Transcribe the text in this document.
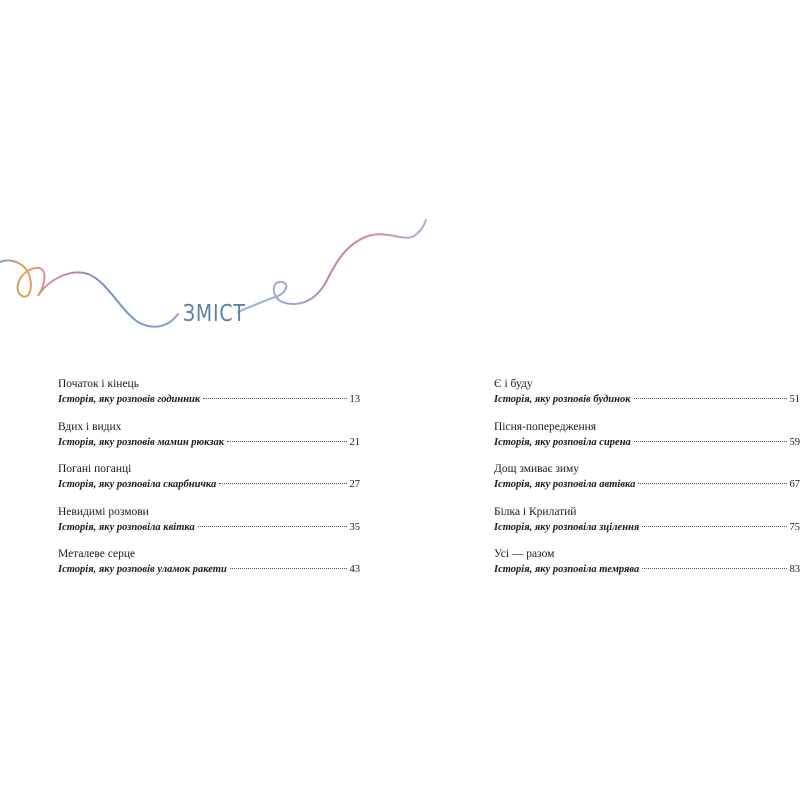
ЗМІСТ
Початок і кінець
Історія, яку розповів годинник	13
Вдих і видих
Історія, яку розповів мамин рюкзак	21
Погані поганці
Історія, яку розповіла скарбничка	27
Невидимі розмови
Історія, яку розповіла квітка	35
Металеве серце
Історія, яку розповів уламок ракети	43
Є і буду
Історія, яку розповів будинок	51
Пісня-попередження
Історія, яку розповіла сирена	59
Дощ змиває зиму
Історія, яку розповіла автівка	67
Білка і Крилатий
Історія, яку розповіла зцілення	75
Усі — разом
Історія, яку розповіла темрява	83
